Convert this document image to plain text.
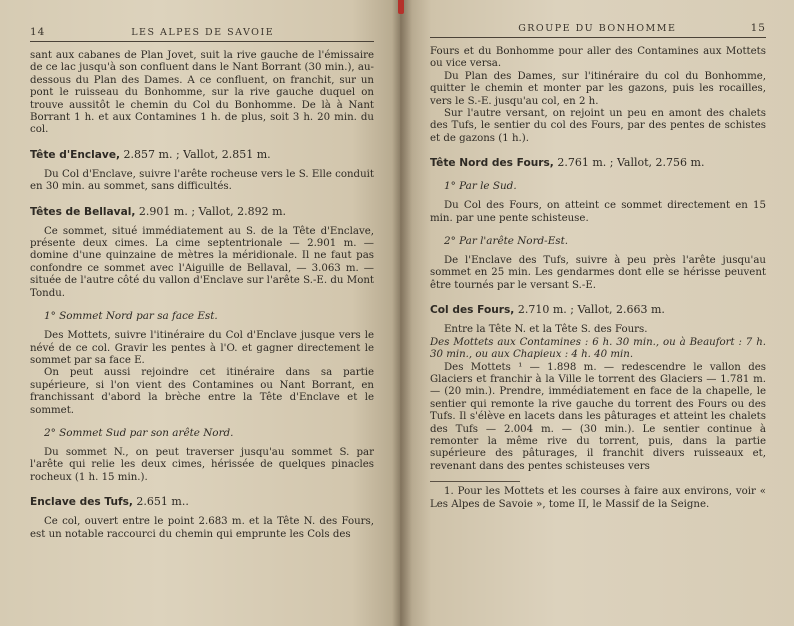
14	LES ALPES DE SAVOIE

sant aux cabanes de Plan Jovet, suit la rive gauche de l'émissaire de ce lac jusqu'à son confluent dans le Nant Borrant (30 min.), au-dessous du Plan des Dames. A ce confluent, on franchit, sur un pont le ruisseau du Bonhomme, sur la rive gauche duquel on trouve aussitôt le chemin du Col du Bonhomme. De là à Nant Borrant 1 h. et aux Contamines 1 h. de plus, soit 3 h. 20 min. du col.

Tête d'Enclave, 2.857 m. ; Vallot, 2.851 m.

Du Col d'Enclave, suivre l'arête rocheuse vers le S. Elle conduit en 30 min. au sommet, sans difficultés.

Têtes de Bellaval, 2.901 m. ; Vallot, 2.892 m.

Ce sommet, situé immédiatement au S. de la Tête d'Enclave, présente deux cimes. La cime septentrionale — 2.901 m. — domine d'une quinzaine de mètres la méridionale. Il ne faut pas confondre ce sommet avec l'Aiguille de Bellaval, — 3.063 m. — située de l'autre côté du vallon d'Enclave sur l'arête S.-E. du Mont Tondu.

1° Sommet Nord par sa face Est.

Des Mottets, suivre l'itinéraire du Col d'Enclave jusque vers le névé de ce col. Gravir les pentes à l'O. et gagner directement le sommet par sa face E.

On peut aussi rejoindre cet itinéraire dans sa partie supérieure, si l'on vient des Contamines ou Nant Borrant, en franchissant d'abord la brèche entre la Tête d'Enclave et le sommet.

2° Sommet Sud par son arête Nord.

Du sommet N., on peut traverser jusqu'au sommet S. par l'arête qui relie les deux cimes, hérissée de quelques pinacles rocheux (1 h. 15 min.).

Enclave des Tufs, 2.651 m..

Ce col, ouvert entre le point 2.683 m. et la Tête N. des Fours, est un notable raccourci du chemin qui emprunte les Cols des

GROUPE DU BONHOMME	15

Fours et du Bonhomme pour aller des Contamines aux Mottets ou vice versa.

Du Plan des Dames, sur l'itinéraire du col du Bonhomme, quitter le chemin et monter par les gazons, puis les rocailles, vers le S.-E. jusqu'au col, en 2 h.

Sur l'autre versant, on rejoint un peu en amont des chalets des Tufs, le sentier du col des Fours, par des pentes de schistes et de gazons (1 h.).

Tête Nord des Fours, 2.761 m. ; Vallot, 2.756 m.
1° Par le Sud.

Du Col des Fours, on atteint ce sommet directement en 15 min. par une pente schisteuse.

2° Par l'arête Nord-Est.

De l'Enclave des Tufs, suivre à peu près l'arête jusqu'au sommet en 25 min. Les gendarmes dont elle se hérisse peuvent être tournés par le versant S.-E.

Col des Fours, 2.710 m. ; Vallot, 2.663 m.

Entre la Tête N. et la Tête S. des Fours.

Des Mottets aux Contamines : 6 h. 30 min., ou à Beaufort : 7 h. 30 min., ou aux Chapieux : 4 h. 40 min.

Des Mottets ¹ — 1.898 m. — redescendre le vallon des Glaciers et franchir à la Ville le torrent des Glaciers — 1.781 m. — (20 min.). Prendre, immédiatement en face de la chapelle, le sentier qui remonte la rive gauche du torrent des Fours ou des Tufs. Il s'élève en lacets dans les pâturages et atteint les chalets des Tufs — 2.004 m. — (30 min.). Le sentier continue à remonter la même rive du torrent, puis, dans la partie supérieure des pâturages, il franchit divers ruisseaux et, revenant dans des pentes schisteuses vers

1. Pour les Mottets et les courses à faire aux environs, voir « Les Alpes de Savoie », tome II, le Massif de la Seigne.
